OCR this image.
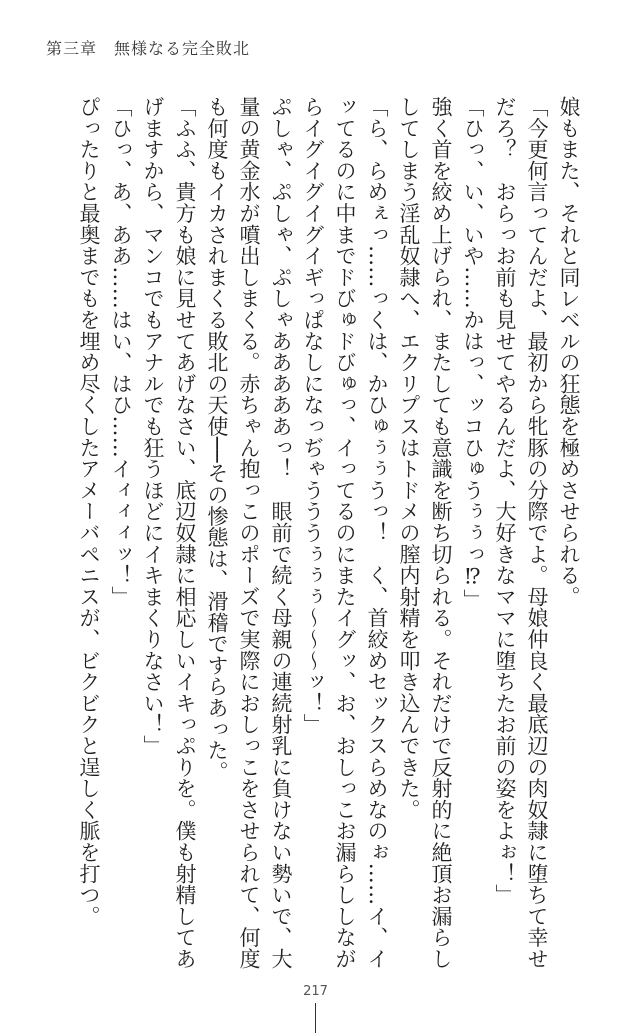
第三章　無様なる完全敗北

娘もまた、それと同レベルの狂態を極めさせられる。

「今更何言ってんだよ、最初から牝豚の分際でよ。母娘仲良く最底辺の肉奴隷に堕ちて幸せだろ？　おらっお前も見せてやるんだよ、大好きなママに堕ちたお前の姿をよぉ！」

「ひっ、い、いや……かはっ、ッコひゅうぅぅっ⁉」

強く首を絞め上げられ、またしても意識を断ち切られる。それだけで反射的に絶頂お漏らししてしまう淫乱奴隷へ、エクリプスはトドメの膣内射精を叩き込んできた。

「ら、らめぇっ……っくは、かひゅぅぅうっ！　く、首絞めセックスらめなのぉ……イ、イッてるのに中までドびゅドびゅっ、イってるのにまたイグッ、お、おしっこお漏らししながらイグイグイグイギっぱなしになっぢゃうううぅぅぅ〜〜〜ッ！」

ぷしゃ、ぷしゃ、ぷしゃあああああっ！　眼前で続く母親の連続射乳に負けない勢いで、大量の黄金水が噴出しまくる。赤ちゃん抱っこのポーズで実際におしっこをさせられて、何度も何度もイカされまくる敗北の天使──その惨態は、滑稽ですらあった。

「ふふ、貴方も娘に見せてあげなさい、底辺奴隷に相応しいイキっぷりを。僕も射精してあげますから、マンコでもアナルでも狂うほどにイキまくりなさい！」

「ひっ、あ、ああ……はい、はひ……イィィィッ！」

ぴったりと最奥までもを埋め尽くしたアメーバペニスが、ビクビクと逞しく脈を打つ。

217
